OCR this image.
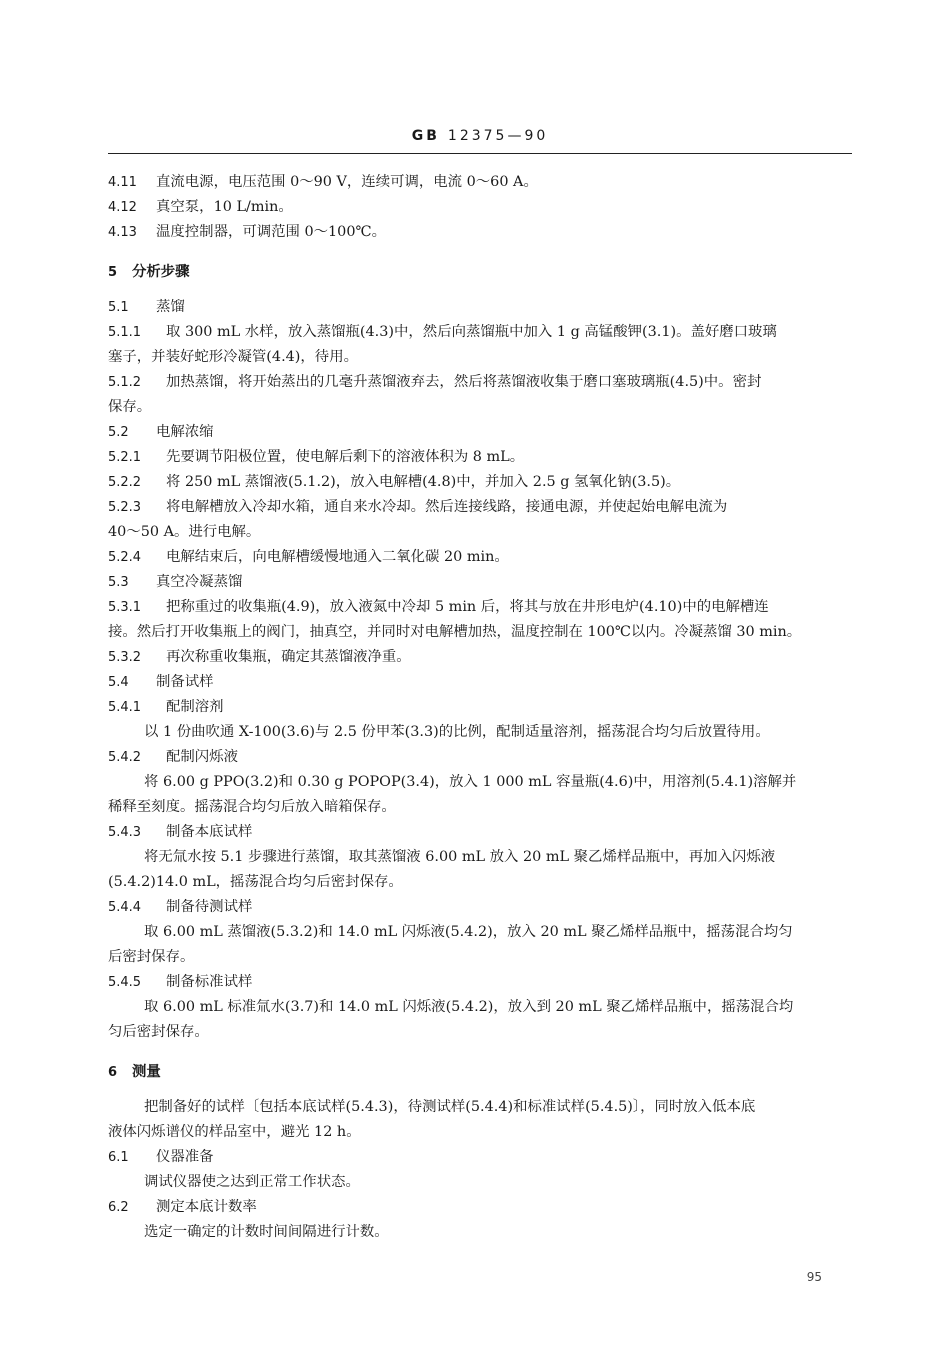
GB 12375—90
4.11 直流电源，电压范围 0～90 V，连续可调，电流 0～60 A。
4.12 真空泵，10 L/min。
4.13 温度控制器，可调范围 0～100℃。
5 分析步骤
5.1 蒸馏
5.1.1 取 300 mL 水样，放入蒸馏瓶(4.3)中，然后向蒸馏瓶中加入 1 g 高锰酸钾(3.1)。盖好磨口玻璃
塞子，并装好蛇形冷凝管(4.4)，待用。
5.1.2 加热蒸馏，将开始蒸出的几毫升蒸馏液弃去，然后将蒸馏液收集于磨口塞玻璃瓶(4.5)中。密封
保存。
5.2 电解浓缩
5.2.1 先要调节阳极位置，使电解后剩下的溶液体积为 8 mL。
5.2.2 将 250 mL 蒸馏液(5.1.2)，放入电解槽(4.8)中，并加入 2.5 g 氢氧化钠(3.5)。
5.2.3 将电解槽放入冷却水箱，通自来水冷却。然后连接线路，接通电源，并使起始电解电流为
40～50 A。进行电解。
5.2.4 电解结束后，向电解槽缓慢地通入二氧化碳 20 min。
5.3 真空冷凝蒸馏
5.3.1 把称重过的收集瓶(4.9)，放入液氮中冷却 5 min 后，将其与放在井形电炉(4.10)中的电解槽连
接。然后打开收集瓶上的阀门，抽真空，并同时对电解槽加热，温度控制在 100℃以内。冷凝蒸馏 30 min。
5.3.2 再次称重收集瓶，确定其蒸馏液净重。
5.4 制备试样
5.4.1 配制溶剂
以 1 份曲吹通 X-100(3.6)与 2.5 份甲苯(3.3)的比例，配制适量溶剂，摇荡混合均匀后放置待用。
5.4.2 配制闪烁液
将 6.00 g PPO(3.2)和 0.30 g POPOP(3.4)，放入 1 000 mL 容量瓶(4.6)中，用溶剂(5.4.1)溶解并
稀释至刻度。摇荡混合均匀后放入暗箱保存。
5.4.3 制备本底试样
将无氚水按 5.1 步骤进行蒸馏，取其蒸馏液 6.00 mL 放入 20 mL 聚乙烯样品瓶中，再加入闪烁液
(5.4.2)14.0 mL，摇荡混合均匀后密封保存。
5.4.4 制备待测试样
取 6.00 mL 蒸馏液(5.3.2)和 14.0 mL 闪烁液(5.4.2)，放入 20 mL 聚乙烯样品瓶中，摇荡混合均匀
后密封保存。
5.4.5 制备标准试样
取 6.00 mL 标准氚水(3.7)和 14.0 mL 闪烁液(5.4.2)，放入到 20 mL 聚乙烯样品瓶中，摇荡混合均
匀后密封保存。
6 测量
把制备好的试样〔包括本底试样(5.4.3)，待测试样(5.4.4)和标准试样(5.4.5)〕，同时放入低本底
液体闪烁谱仪的样品室中，避光 12 h。
6.1 仪器准备
调试仪器使之达到正常工作状态。
6.2 测定本底计数率
选定一确定的计数时间间隔进行计数。
95
